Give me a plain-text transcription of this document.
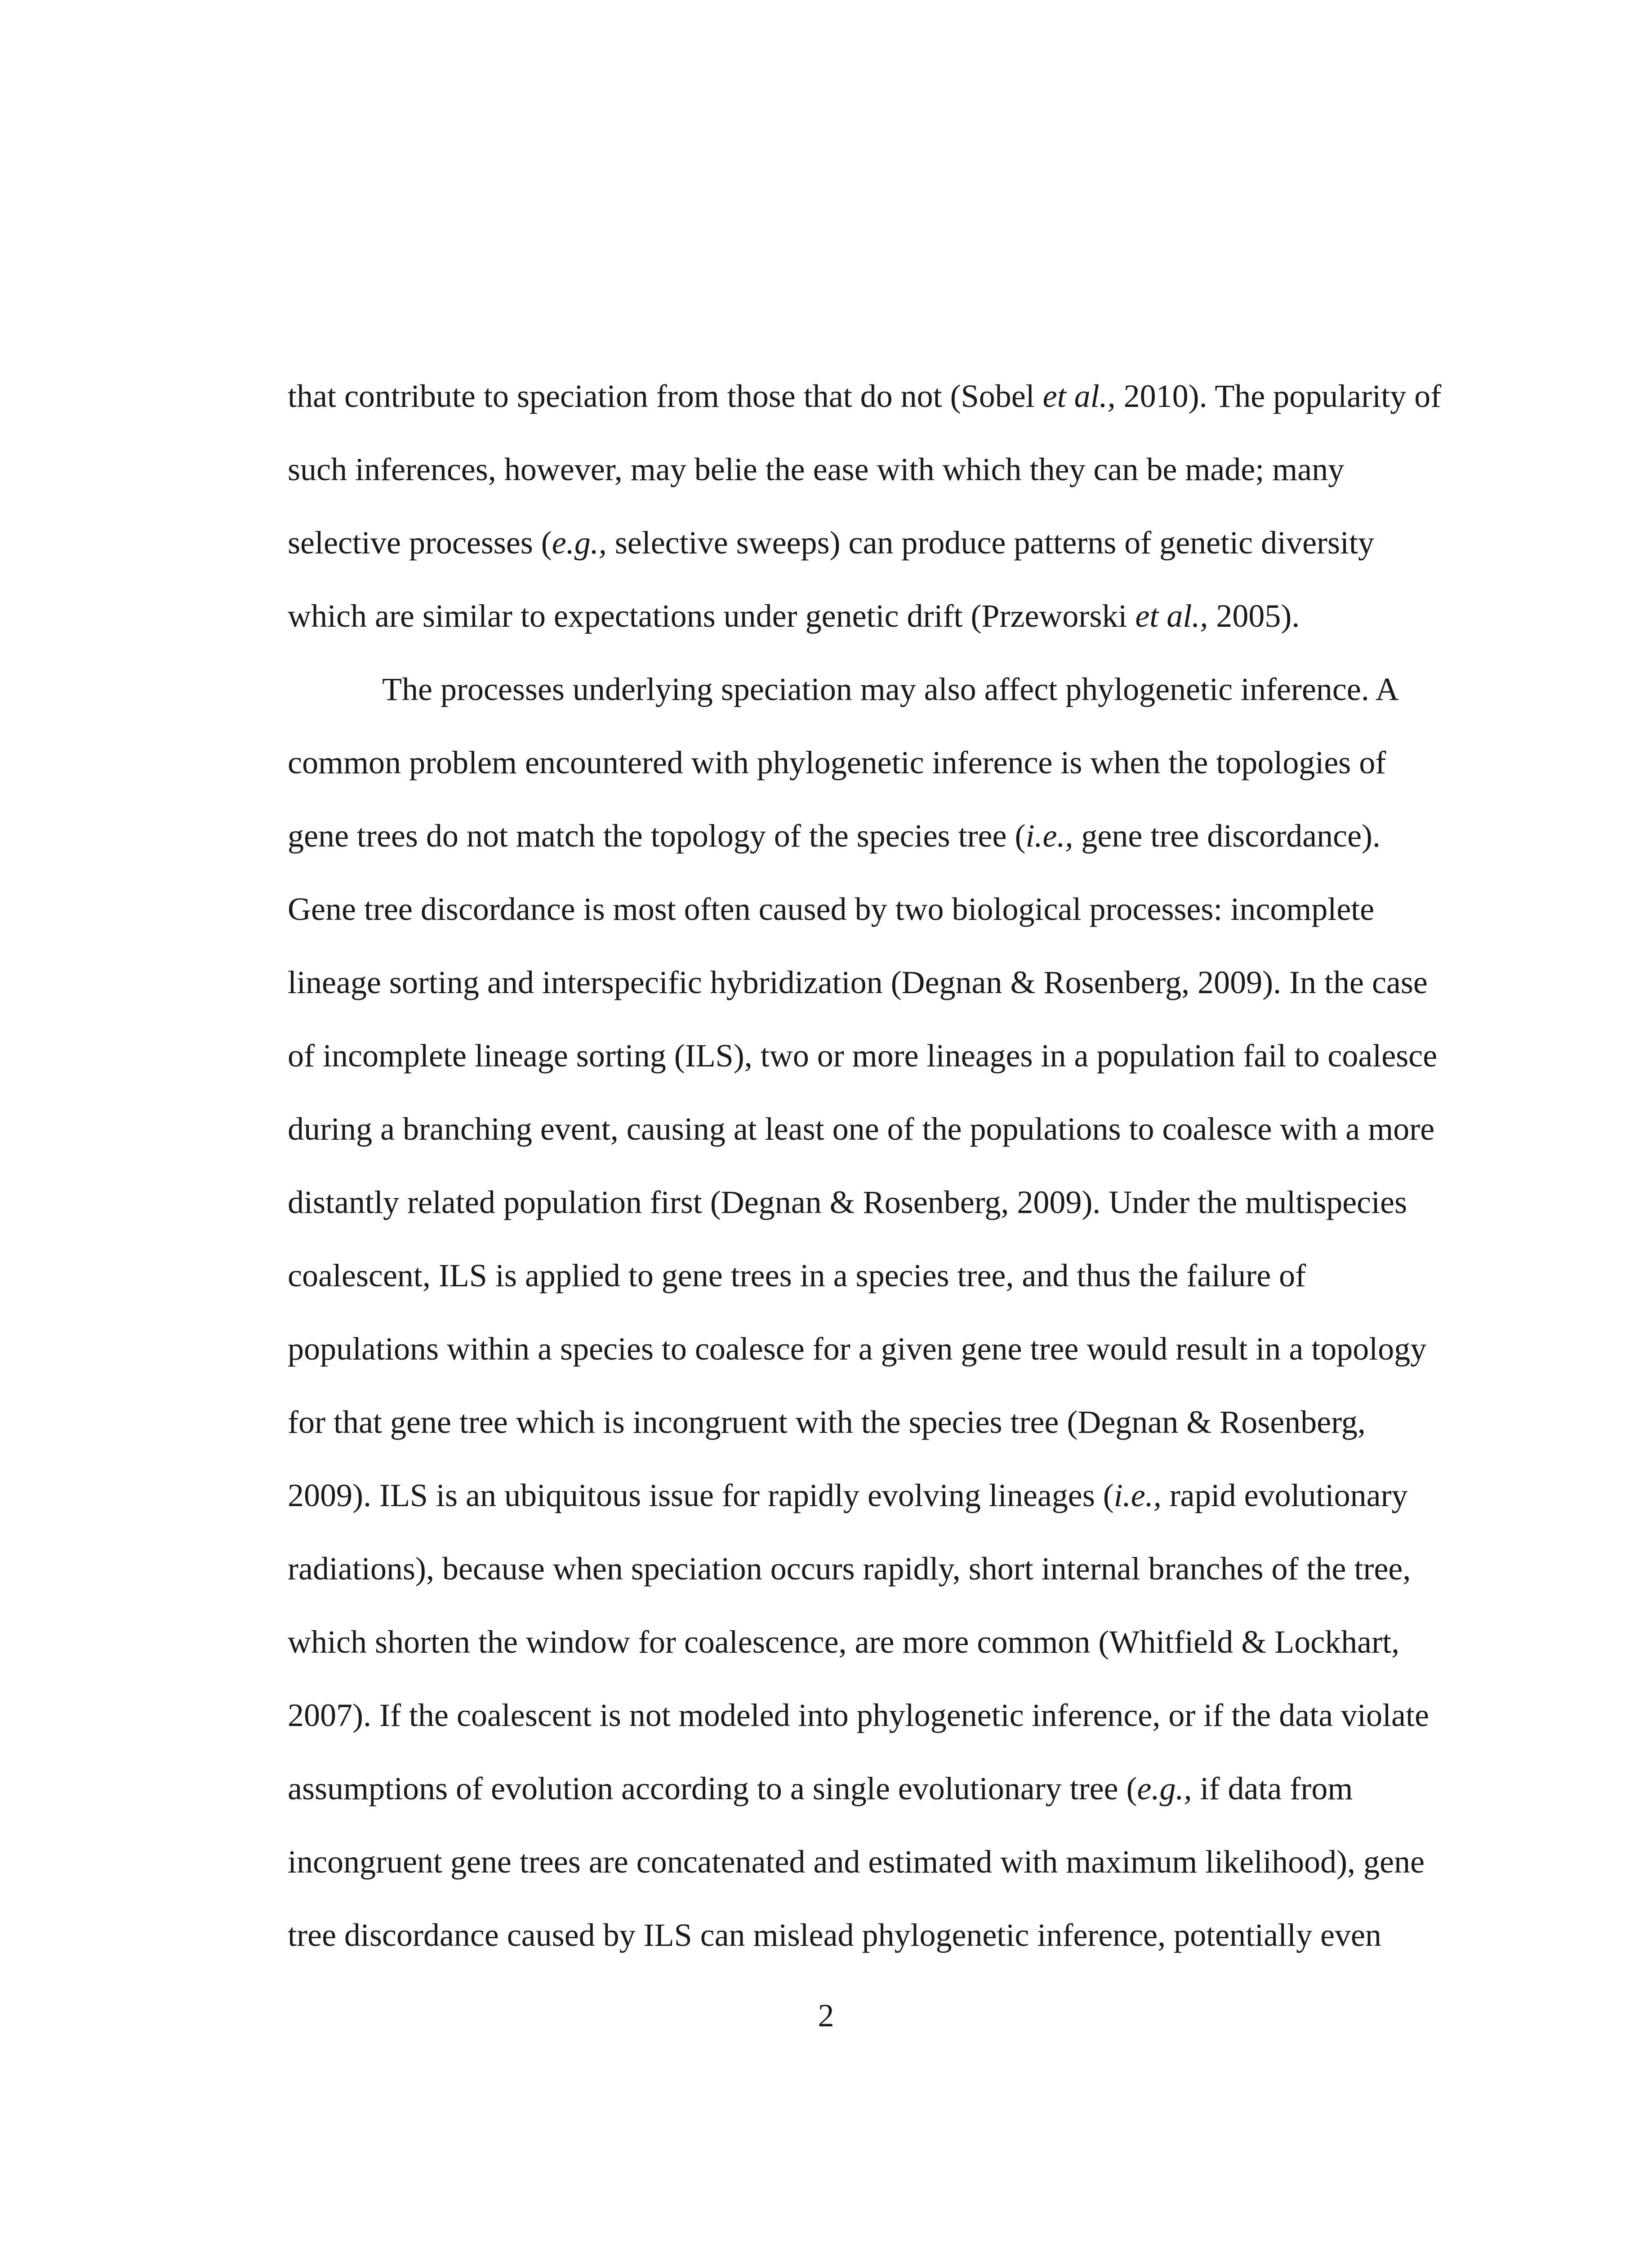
that contribute to speciation from those that do not (Sobel et al., 2010). The popularity of
such inferences, however, may belie the ease with which they can be made; many
selective processes (e.g., selective sweeps) can produce patterns of genetic diversity
which are similar to expectations under genetic drift (Przeworski et al., 2005).
The processes underlying speciation may also affect phylogenetic inference. A
common problem encountered with phylogenetic inference is when the topologies of
gene trees do not match the topology of the species tree (i.e., gene tree discordance).
Gene tree discordance is most often caused by two biological processes: incomplete
lineage sorting and interspecific hybridization (Degnan & Rosenberg, 2009). In the case
of incomplete lineage sorting (ILS), two or more lineages in a population fail to coalesce
during a branching event, causing at least one of the populations to coalesce with a more
distantly related population first (Degnan & Rosenberg, 2009). Under the multispecies
coalescent, ILS is applied to gene trees in a species tree, and thus the failure of
populations within a species to coalesce for a given gene tree would result in a topology
for that gene tree which is incongruent with the species tree (Degnan & Rosenberg,
2009). ILS is an ubiquitous issue for rapidly evolving lineages (i.e., rapid evolutionary
radiations), because when speciation occurs rapidly, short internal branches of the tree,
which shorten the window for coalescence, are more common (Whitfield & Lockhart,
2007). If the coalescent is not modeled into phylogenetic inference, or if the data violate
assumptions of evolution according to a single evolutionary tree (e.g., if data from
incongruent gene trees are concatenated and estimated with maximum likelihood), gene
tree discordance caused by ILS can mislead phylogenetic inference, potentially even
2
